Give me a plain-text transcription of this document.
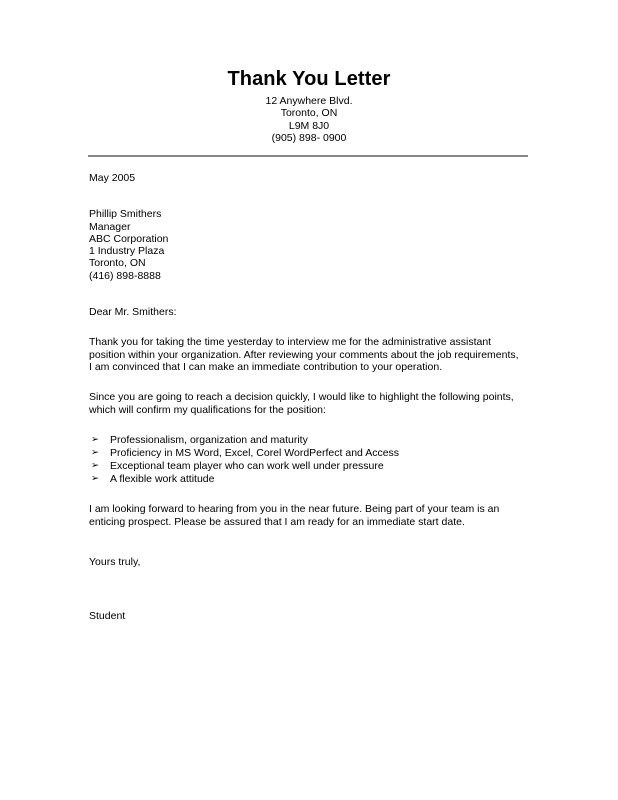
Thank You Letter
12 Anywhere Blvd.
Toronto, ON
L9M 8J0
(905) 898- 0900

May 2005

Phillip Smithers
Manager
ABC Corporation
1 Industry Plaza
Toronto, ON
(416) 898-8888

Dear Mr. Smithers:

Thank you for taking the time yesterday to interview me for the administrative assistant position within your organization. After reviewing your comments about the job requirements, I am convinced that I can make an immediate contribution to your operation.

Since you are going to reach a decision quickly, I would like to highlight the following points, which will confirm my qualifications for the position:

➢ Professionalism, organization and maturity
➢ Proficiency in MS Word, Excel, Corel WordPerfect and Access
➢ Exceptional team player who can work well under pressure
➢ A flexible work attitude

I am looking forward to hearing from you in the near future. Being part of your team is an enticing prospect. Please be assured that I am ready for an immediate start date.

Yours truly,

Student
